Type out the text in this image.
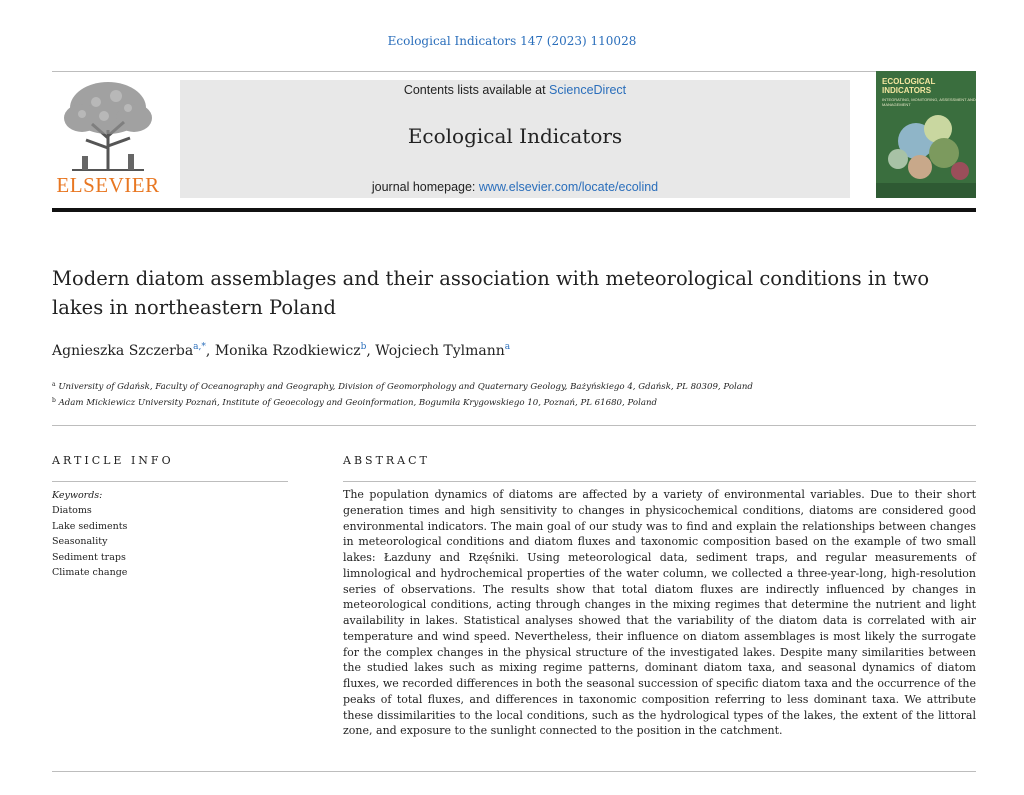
Ecological Indicators 147 (2023) 110028
ELSEVIER
Contents lists available at ScienceDirect
Ecological Indicators
journal homepage: www.elsevier.com/locate/ecolind
ECOLOGICAL INDICATORS
INTEGRATING, MONITORING, ASSESSMENT AND MANAGEMENT
Modern diatom assemblages and their association with meteorological conditions in two lakes in northeastern Poland
Agnieszka Szczerba$^{a,*}$, Monika Rzodkiewicz$^b$, Wojciech Tylmann$^a$
$^a$ University of Gdańsk, Faculty of Oceanography and Geography, Division of Geomorphology and Quaternary Geology, Bażyńskiego 4, Gdańsk, PL 80309, Poland
$^b$ Adam Mickiewicz University Poznań, Institute of Geoecology and Geoinformation, Bogumiła Krygowskiego 10, Poznań, PL 61680, Poland
ARTICLE INFO
Keywords:
Diatoms
Lake sediments
Seasonality
Sediment traps
Climate change
ABSTRACT
The population dynamics of diatoms are affected by a variety of environmental variables. Due to their short generation times and high sensitivity to changes in physicochemical conditions, diatoms are considered good environmental indicators. The main goal of our study was to find and explain the relationships between changes in meteorological conditions and diatom fluxes and taxonomic composition based on the example of two small lakes: Łazduny and Rzęśniki. Using meteorological data, sediment traps, and regular measurements of limnological and hydrochemical properties of the water column, we collected a three-year-long, high-resolution series of observations. The results show that total diatom fluxes are indirectly influenced by changes in meteorological conditions, acting through changes in the mixing regimes that determine the nutrient and light availability in lakes. Statistical analyses showed that the variability of the diatom data is correlated with air temperature and wind speed. Nevertheless, their influence on diatom assemblages is most likely the surrogate for the complex changes in the physical structure of the investigated lakes. Despite many similarities between the studied lakes such as mixing regime patterns, dominant diatom taxa, and seasonal dynamics of diatom fluxes, we recorded differences in both the seasonal succession of specific diatom taxa and the occurrence of the peaks of total fluxes, and differences in taxonomic composition referring to less dominant taxa. We attribute these dissimilarities to the local conditions, such as the hydrological types of the lakes, the extent of the littoral zone, and exposure to the sunlight connected to the position in the catchment.
